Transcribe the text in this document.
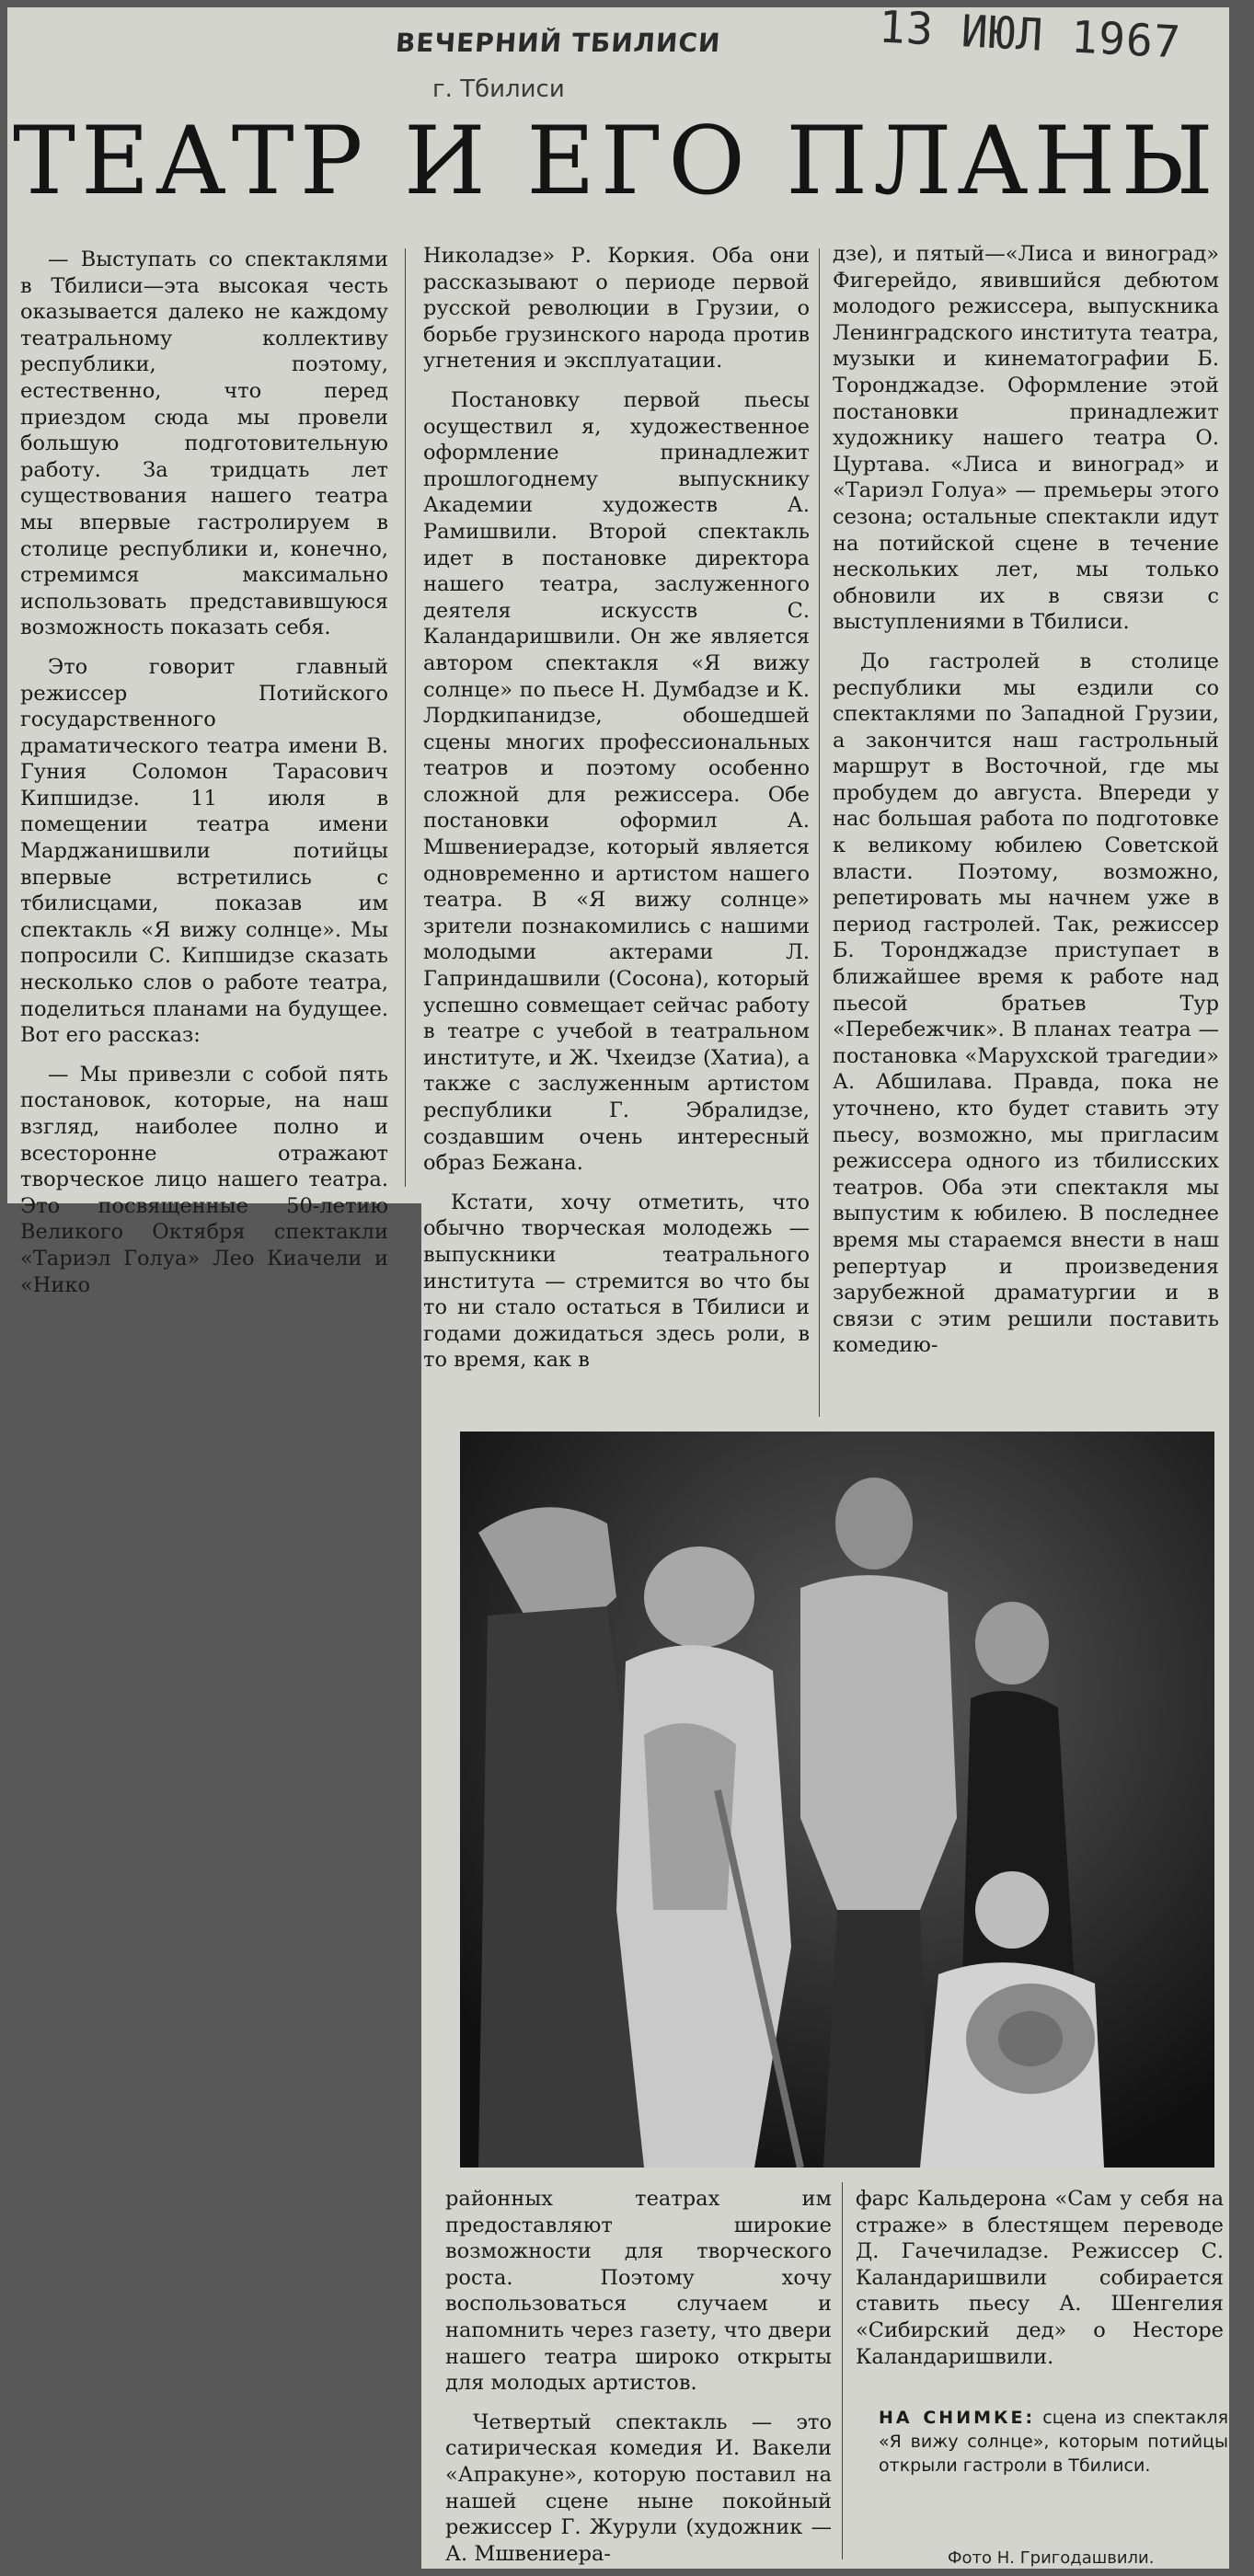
ВЕЧЕРНИЙ ТБИЛИСИ
г. Тбилиси
13 ИЮЛ 1967
ТЕАТР И ЕГО ПЛАНЫ

— Выступать со спектаклями в Тбилиси—эта высокая честь оказывается далеко не каждому театральному коллективу республики, поэтому, естественно, что перед приездом сюда мы провели большую подготовительную работу. За тридцать лет существования нашего театра мы впервые гастролируем в столице республики и, конечно, стремимся максимально использовать представившуюся возможность показать себя.

Это говорит главный режиссер Потийского государственного драматического театра имени В. Гуния Соломон Тарасович Кипшидзе. 11 июля в помещении театра имени Марджанишвили потийцы впервые встретились с тбилисцами, показав им спектакль «Я вижу солнце». Мы попросили С. Кипшидзе сказать несколько слов о работе театра, поделиться планами на будущее. Вот его рассказ:

— Мы привезли с собой пять постановок, которые, на наш взгляд, наиболее полно и всесторонне отражают творческое лицо нашего театра. Это посвященные 50-летию Великого Октября спектакли «Тариэл Голуа» Лео Киачели и «Нико

Николадзе» Р. Коркия. Оба они рассказывают о периоде первой русской революции в Грузии, о борьбе грузинского народа против угнетения и эксплуатации.

Постановку первой пьесы осуществил я, художественное оформление принадлежит прошлогоднему выпускнику Академии художеств А. Рамишвили. Второй спектакль идет в постановке директора нашего театра, заслуженного деятеля искусств С. Каландаришвили. Он же является автором спектакля «Я вижу солнце» по пьесе Н. Думбадзе и К. Лордкипанидзе, обошедшей сцены многих профессиональных театров и поэтому особенно сложной для режиссера. Обе постановки оформил А. Мшвениерадзе, который является одновременно и артистом нашего театра. В «Я вижу солнце» зрители познакомились с нашими молодыми актерами Л. Гаприндашвили (Сосона), который успешно совмещает сейчас работу в театре с учебой в театральном институте, и Ж. Чхеидзе (Хатиа), а также с заслуженным артистом республики Г. Эбралидзе, создавшим очень интересный образ Бежана.

Кстати, хочу отметить, что обычно творческая молодежь — выпускники театрального института — стремится во что бы то ни стало остаться в Тбилиси и годами дожидаться здесь роли, в то время, как в

дзе), и пятый—«Лиса и виноград» Фигерейдо, явившийся дебютом молодого режиссера, выпускника Ленинградского института театра, музыки и кинематографии Б. Торонджадзе. Оформление этой постановки принадлежит художнику нашего театра О. Цуртава. «Лиса и виноград» и «Тариэл Голуа» — премьеры этого сезона; остальные спектакли идут на потийской сцене в течение нескольких лет, мы только обновили их в связи с выступлениями в Тбилиси.

До гастролей в столице республики мы ездили со спектаклями по Западной Грузии, а закончится наш гастрольный маршрут в Восточной, где мы пробудем до августа. Впереди у нас большая работа по подготовке к великому юбилею Советской власти. Поэтому, возможно, репетировать мы начнем уже в период гастролей. Так, режиссер Б. Торонджадзе приступает в ближайшее время к работе над пьесой братьев Тур «Перебежчик». В планах театра — постановка «Марухской трагедии» А. Абшилава. Правда, пока не уточнено, кто будет ставить эту пьесу, возможно, мы пригласим режиссера одного из тбилисских театров. Оба эти спектакля мы выпустим к юбилею. В последнее время мы стараемся внести в наш репертуар и произведения зарубежной драматургии и в связи с этим решили поставить комедию-

районных театрах им предоставляют широкие возможности для творческого роста. Поэтому хочу воспользоваться случаем и напомнить через газету, что двери нашего театра широко открыты для молодых артистов.

Четвертый спектакль — это сатирическая комедия И. Вакели «Апракуне», которую поставил на нашей сцене ныне покойный режиссер Г. Журули (художник — А. Мшвениера-

фарс Кальдерона «Сам у себя на страже» в блестящем переводе Д. Гачечиладзе. Режиссер С. Каландаришвили собирается ставить пьесу А. Шенгелия «Сибирский дед» о Несторе Каландаришвили.

НА СНИМКЕ: сцена из спектакля «Я вижу солнце», которым потийцы открыли гастроли в Тбилиси.
Фото Н. Григодашвили.
